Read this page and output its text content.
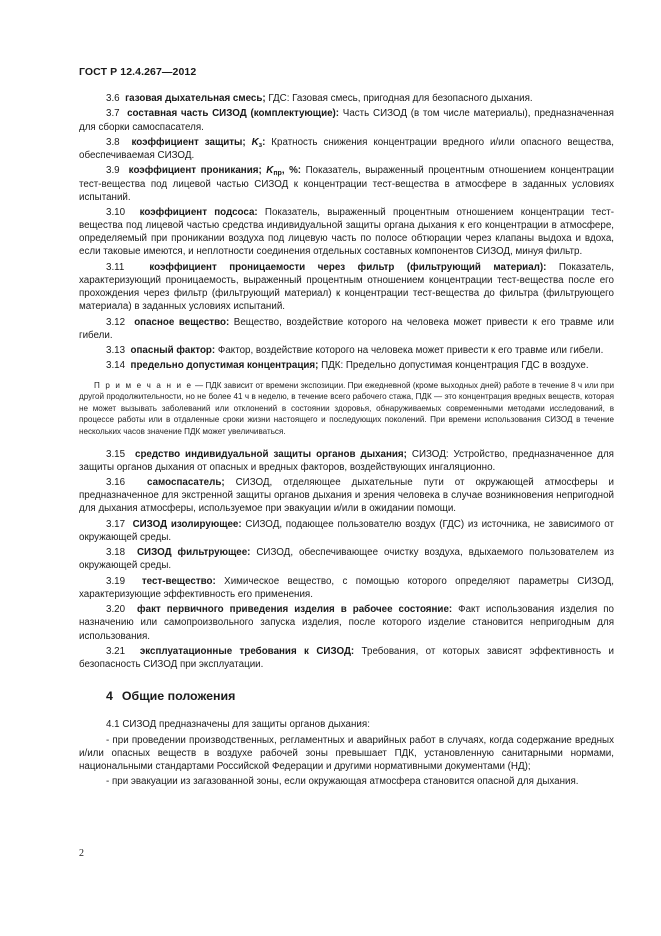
ГОСТ Р 12.4.267—2012

3.6 газовая дыхательная смесь; ГДС: Газовая смесь, пригодная для безопасного дыхания.

3.7 составная часть СИЗОД (комплектующие): Часть СИЗОД (в том числе материалы), предназначенная для сборки самоспасателя.

3.8 коэффициент защиты; $K_з$: Кратность снижения концентрации вредного и/или опасного вещества, обеспечиваемая СИЗОД.

3.9 коэффициент проникания; $K_{пр}$, %: Показатель, выраженный процентным отношением концентрации тест-вещества под лицевой частью СИЗОД к концентрации тест-вещества в атмосфере в заданных условиях испытаний.

3.10 коэффициент подсоса: Показатель, выраженный процентным отношением концентрации тест-вещества под лицевой частью средства индивидуальной защиты органа дыхания к его концентрации в атмосфере, определяемый при проникании воздуха под лицевую часть по полосе обтюрации через клапаны выдоха и вдоха, если таковые имеются, и неплотности соединения отдельных составных компонентов СИЗОД, минуя фильтр.

3.11	коэффициент проницаемости через фильтр (фильтрующий материал): Показатель, характеризующий проницаемость, выраженный процентным отношением концентрации тест-вещества после его прохождения через фильтр (фильтрующий материал) к концентрации тест-вещества до фильтра (фильтрующего материала) в заданных условиях испытаний.

3.12 опасное вещество: Вещество, воздействие которого на человека может привести к его травме или гибели.

3.13 опасный фактор: Фактор, воздействие которого на человека может привести к его травме или гибели.

3.14 предельно допустимая концентрация; ПДК: Предельно допустимая концентрация ГДС в воздухе.

П р и м е ч а н и е — ПДК зависит от времени экспозиции. При ежедневной (кроме выходных дней) работе в течение 8 ч или при другой продолжительности, но не более 41 ч в неделю, в течение всего рабочего стажа, ПДК — это концентрация вредных веществ, которая не может вызывать заболеваний или отклонений в состоянии здоровья, обнаруживаемых современными методами исследований, в процессе работы или в отдаленные сроки жизни настоящего и последующих поколений. При времени использования СИЗОД в течение нескольких часов значение ПДК может увеличиваться.

3.15 средство индивидуальной защиты органов дыхания; СИЗОД: Устройство, предназначенное для защиты органов дыхания от опасных и вредных факторов, воздействующих ингаляционно.

3.16 самоспасатель; СИЗОД, отделяющее дыхательные пути от окружающей атмосферы и предназначенное для экстренной защиты органов дыхания и зрения человека в случае возникновения непригодной для дыхания атмосферы, используемое при эвакуации и/или в ожидании помощи.

3.17 СИЗОД изолирующее: СИЗОД, подающее пользователю воздух (ГДС) из источника, не зависимого от окружающей среды.

3.18 СИЗОД фильтрующее: СИЗОД, обеспечивающее очистку воздуха, вдыхаемого пользователем из окружающей среды.

3.19 тест-вещество: Химическое вещество, с помощью которого определяют параметры СИЗОД, характеризующие эффективность его применения.

3.20 факт первичного приведения изделия в рабочее состояние: Факт использования изделия по назначению или самопроизвольного запуска изделия, после которого изделие становится непригодным для использования.

3.21 эксплуатационные требования к СИЗОД: Требования, от которых зависят эффективность и безопасность СИЗОД при эксплуатации.

4 Общие положения

4.1 СИЗОД предназначены для защиты органов дыхания:

- при проведении производственных, регламентных и аварийных работ в случаях, когда содержание вредных и/или опасных веществ в воздухе рабочей зоны превышает ПДК, установленную санитарными нормами, национальными стандартами Российской Федерации и другими нормативными документами (НД);

- при эвакуации из загазованной зоны, если окружающая атмосфера становится опасной для дыхания.

2
